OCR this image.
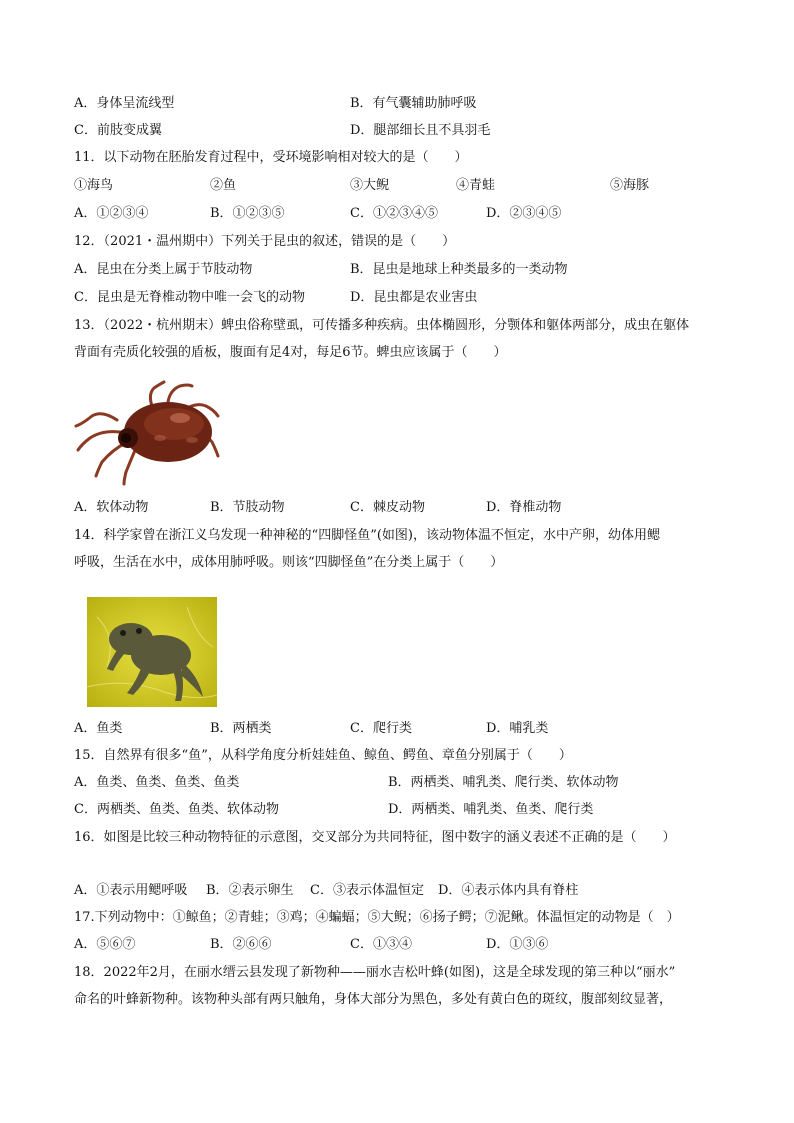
A．身体呈流线型	B．有气囊辅助肺呼吸
C．前肢变成翼	D．腿部细长且不具羽毛
11．以下动物在胚胎发育过程中，受环境影响相对较大的是（　　）
①海鸟	②鱼	③大鲵	④青蛙	⑤海豚
A．①②③④	B．①②③⑤	C．①②③④⑤	D．②③④⑤
12．（2021・温州期中）下列关于昆虫的叙述，错误的是（　　）
A．昆虫在分类上属于节肢动物	B．昆虫是地球上种类最多的一类动物
C．昆虫是无脊椎动物中唯一会飞的动物	D．昆虫都是农业害虫
13．（2022・杭州期末）蜱虫俗称壁虱，可传播多种疾病。虫体椭圆形，分颚体和躯体两部分，成虫在躯体
背面有壳质化较强的盾板，腹面有足4对，每足6节。蜱虫应该属于（　　）
A．软体动物	B．节肢动物	C．棘皮动物	D．脊椎动物
14．科学家曾在浙江义乌发现一种神秘的“四脚怪鱼”(如图)，该动物体温不恒定，水中产卵，幼体用鳃
呼吸，生活在水中，成体用肺呼吸。则该“四脚怪鱼”在分类上属于（　　）
A．鱼类	B．两栖类	C．爬行类	D．哺乳类
15．自然界有很多“鱼”，从科学角度分析娃娃鱼、鲸鱼、鳄鱼、章鱼分别属于（　　）
A．鱼类、鱼类、鱼类、鱼类	B．两栖类、哺乳类、爬行类、软体动物
C．两栖类、鱼类、鱼类、软体动物	D．两栖类、哺乳类、鱼类、爬行类
16．如图是比较三种动物特征的示意图，交叉部分为共同特征，图中数字的涵义表述不正确的是（　　）
A．①表示用鳃呼吸 B．②表示卵生 C．③表示体温恒定 D．④表示体内具有脊柱
17.下列动物中：①鲸鱼；②青蛙；③鸡；④蝙蝠；⑤大鲵；⑥扬子鳄；⑦泥鳅。体温恒定的动物是（　）
A．⑤⑥⑦	B．②⑥⑥	C．①③④	D．①③⑥
18．2022年2月，在丽水缙云县发现了新物种——丽水吉松叶蜂(如图)，这是全球发现的第三种以“丽水”
命名的叶蜂新物种。该物种头部有两只触角，身体大部分为黑色，多处有黄白色的斑纹，腹部刻纹显著，
